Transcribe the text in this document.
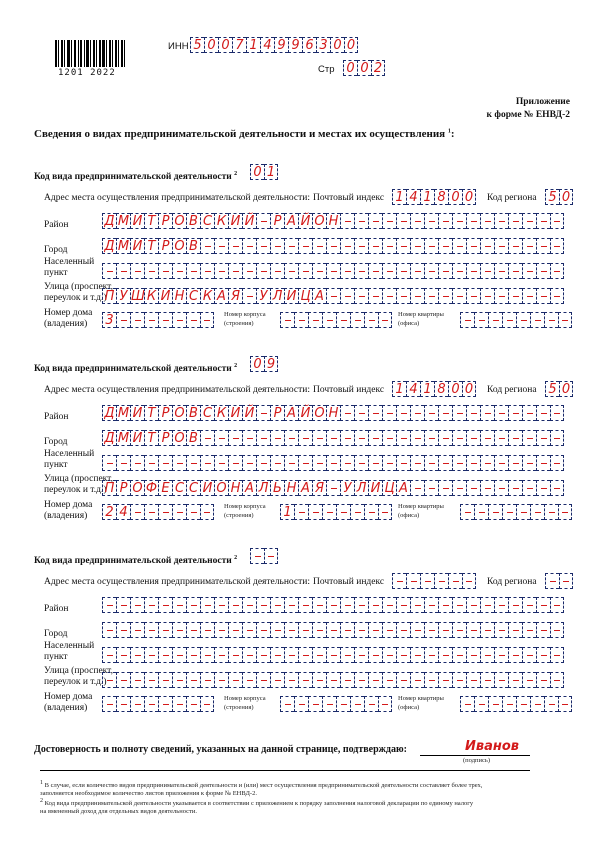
1201 2022
ИНН 5 0 0 7 1 4 9 9 6 3 0 0
Стр 0 0 2
Приложение
к форме № ЕНВД-2
Сведения о видах предпринимательской деятельности и местах их осуществления $^1$:
Код вида предпринимательской деятельности $^2$ 0 1
Адрес места осуществления предпринимательской деятельности: Почтовый индекс 1 4 1 8 0 0	Код региона 5 0
Район	Д М И Т Р О В С К И Й Р А Й О Н
Город	Д М И Т Р О В
Населенный
пункт
Улица (проспект,
переулок и т.д.)
П У Ш К И Н С К А Я У Л И Ц А
Номер дома
(владения) 3	Номер корпуса
(строения)
Номер квартиры
(офиса)
Код вида предпринимательской деятельности $^2$ 0 9
Адрес места осуществления предпринимательской деятельности: Почтовый индекс 1 4 1 8 0 0	Код региона 5 0
Район	Д М И Т Р О В С К И Й Р А Й О Н
Город	Д М И Т Р О В
Населенный
пункт
Улица (проспект,
переулок и т.д.)
П Р О Ф Е С С И О Н А Л Ь Н А Я У Л И Ц А
Номер дома
(владения) 2 4	Номер корпуса
(строения) 1	Номер квартиры
(офиса)
Код вида предпринимательской деятельности $^2$
Адрес места осуществления предпринимательской деятельности: Почтовый индекс	Код региона
Район
Город
Населенный
пункт
Улица (проспект,
переулок и т.д.)
Номер дома
(владения)
Номер корпуса
(строения)
Номер квартиры
(офиса)
Достоверность и полноту сведений, указанных на данной странице, подтверждаю:	Иванов
(подпись)
$^1$ В случае, если количество видов предпринимательской деятельности и (или) мест осуществления предпринимательской деятельности составляет более трех,
заполняется необходимое количество листов приложения к форме № ЕНВД-2.
$^2$ Код вида предпринимательской деятельности указывается в соответствии с приложением к порядку заполнения налоговой декларации по единому налогу
на вмененный доход для отдельных видов деятельности.
